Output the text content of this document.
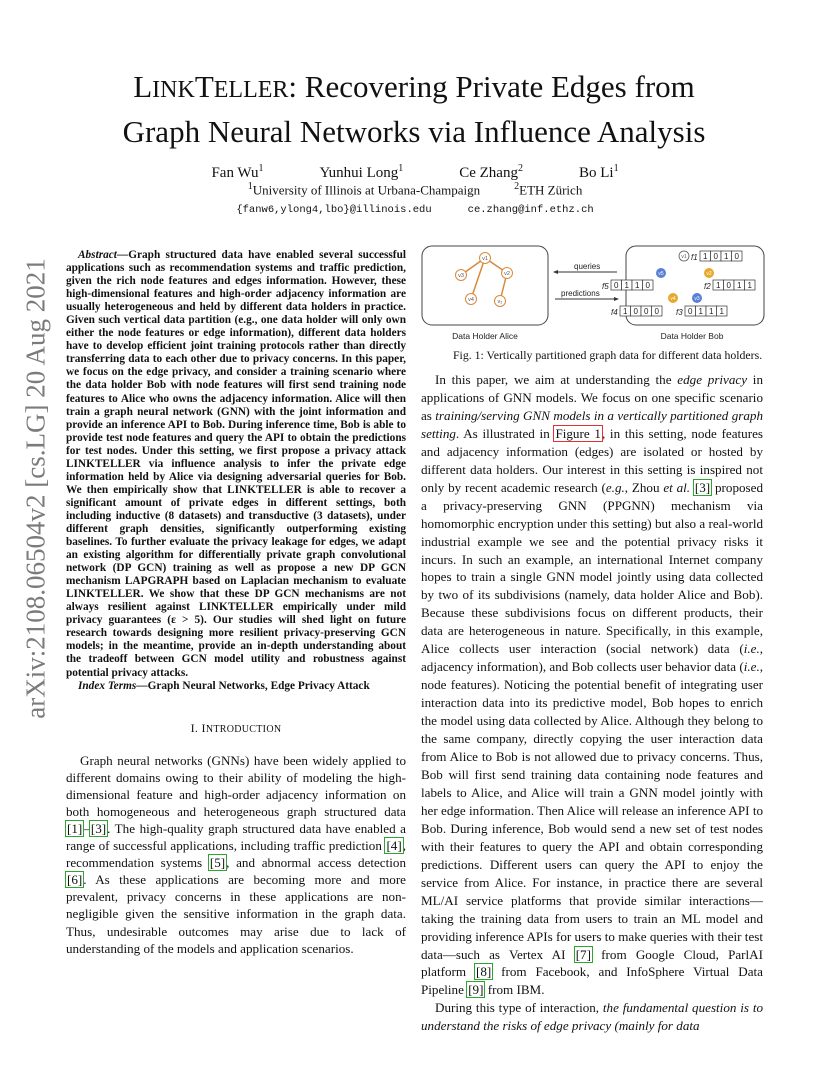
arXiv:2108.06504v2 [cs.LG] 20 Aug 2021
LINKTELLER: Recovering Private Edges from
Graph Neural Networks via Influence Analysis
Fan Wu$^1$	Yunhui Long$^1$	Ce Zhang$^2$	Bo Li$^1$
$^1$University of Illinois at Urbana-Champaign	$^2$ETH Zürich
{fanw6,ylong4,lbo}@illinois.edu	ce.zhang@inf.ethz.ch

Abstract—Graph structured data have enabled several successful applications such as recommendation systems and traffic prediction, given the rich node features and edges information. However, these high-dimensional features and high-order adjacency information are usually heterogeneous and held by different data holders in practice. Given such vertical data partition (e.g., one data holder will only own either the node features or edge information), different data holders have to develop efficient joint training protocols rather than directly transferring data to each other due to privacy concerns. In this paper, we focus on the edge privacy, and consider a training scenario where the data holder Bob with node features will first send training node features to Alice who owns the adjacency information. Alice will then train a graph neural network (GNN) with the joint information and provide an inference API to Bob. During inference time, Bob is able to provide test node features and query the API to obtain the predictions for test nodes. Under this setting, we first propose a privacy attack LINKTELLER via influence analysis to infer the private edge information held by Alice via designing adversarial queries for Bob. We then empirically show that LINKTELLER is able to recover a significant amount of private edges in different settings, both including inductive (8 datasets) and transductive (3 datasets), under different graph densities, significantly outperforming existing baselines. To further evaluate the privacy leakage for edges, we adapt an existing algorithm for differentially private graph convolutional network (DP GCN) training as well as propose a new DP GCN mechanism LAPGRAPH based on Laplacian mechanism to evaluate LINKTELLER. We show that these DP GCN mechanisms are not always resilient against LINKTELLER empirically under mild privacy guarantees (ε > 5). Our studies will shed light on future research towards designing more resilient privacy-preserving GCN models; in the meantime, provide an in-depth understanding about the tradeoff between GCN model utility and robustness against potential privacy attacks.

Index Terms—Graph Neural Networks, Edge Privacy Attack

I. INTRODUCTION

Graph neural networks (GNNs) have been widely applied to different domains owing to their ability of modeling the high-dimensional feature and high-order adjacency information on both homogeneous and heterogeneous graph structured data [1]–[3]. The high-quality graph structured data have enabled a range of successful applications, including traffic prediction [4], recommendation systems [5], and abnormal access detection [6]. As these applications are becoming more and more prevalent, privacy concerns in these applications are non-negligible given the sensitive information in the graph data. Thus, undesirable outcomes may arise due to lack of understanding of the models and application scenarios.

v1
v3	v2
v4	v₂
queries
predictions
v1
v5	v2
v4	v3
f1 1 0 1 0
f5 0 1 1 0	f2 1 0 1 1
f4 1 0 0 0 f3 0 1 1 1
Data Holder Alice	Data Holder Bob
Fig. 1: Vertically partitioned graph data for different data holders.

In this paper, we aim at understanding the edge privacy in applications of GNN models. We focus on one specific scenario as training/serving GNN models in a vertically partitioned graph setting. As illustrated in Figure 1, in this setting, node features and adjacency information (edges) are isolated or hosted by different data holders. Our interest in this setting is inspired not only by recent academic research (e.g., Zhou et al. [3] proposed a privacy-preserving GNN (PPGNN) mechanism via homomorphic encryption under this setting) but also a real-world industrial example we see and the potential privacy risks it incurs. In such an example, an international Internet company hopes to train a single GNN model jointly using data collected by two of its subdivisions (namely, data holder Alice and Bob). Because these subdivisions focus on different products, their data are heterogeneous in nature. Specifically, in this example, Alice collects user interaction (social network) data (i.e., adjacency information), and Bob collects user behavior data (i.e., node features). Noticing the potential benefit of integrating user interaction data into its predictive model, Bob hopes to enrich the model using data collected by Alice. Although they belong to the same company, directly copying the user interaction data from Alice to Bob is not allowed due to privacy concerns. Thus, Bob will first send training data containing node features and labels to Alice, and Alice will train a GNN model jointly with her edge information. Then Alice will release an inference API to Bob. During inference, Bob would send a new set of test nodes with their features to query the API and obtain corresponding predictions. Different users can query the API to enjoy the service from Alice. For instance, in practice there are several ML/AI service platforms that provide similar interactions—taking the training data from users to train an ML model and providing inference APIs for users to make queries with their test data—such as Vertex AI [7] from Google Cloud, ParlAI platform [8] from Facebook, and InfoSphere Virtual Data Pipeline [9] from IBM.

During this type of interaction, the fundamental question is to understand the risks of edge privacy (mainly for data
